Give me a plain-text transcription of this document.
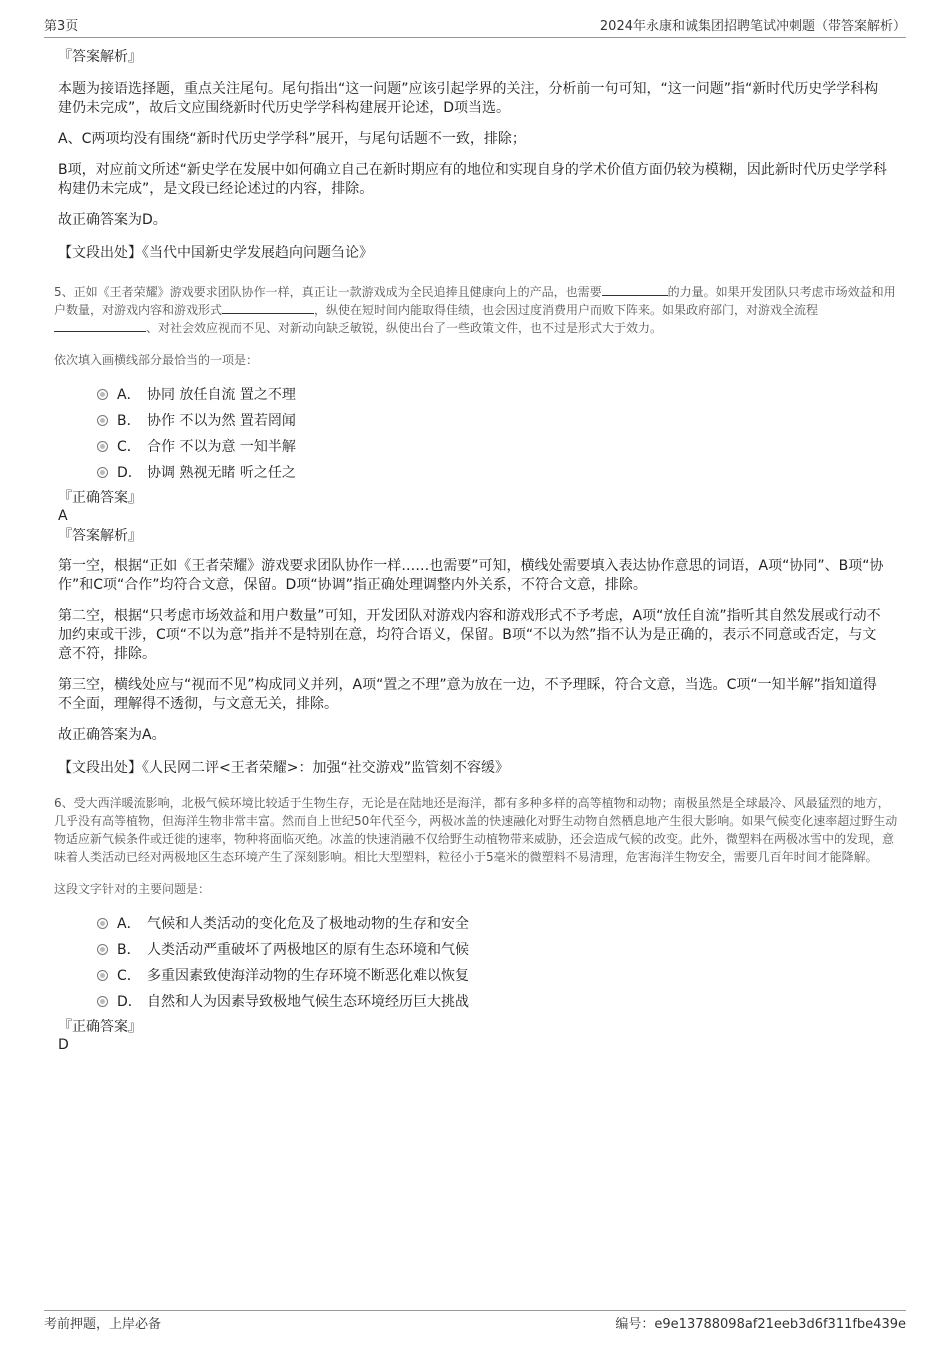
第3页	2024年永康和诚集团招聘笔试冲刺题（带答案解析）
『答案解析』

本题为接语选择题，重点关注尾句。尾句指出“这一问题”应该引起学界的关注，分析前一句可知，“这一问题”指“新时代历史学学科构建仍未完成”，故后文应围绕新时代历史学学科构建展开论述，D项当选。

A、C两项均没有围绕“新时代历史学学科”展开，与尾句话题不一致，排除；

B项，对应前文所述“新史学在发展中如何确立自己在新时期应有的地位和实现自身的学术价值方面仍较为模糊，因此新时代历史学学科构建仍未完成”，是文段已经论述过的内容，排除。

故正确答案为D。

【文段出处】《当代中国新史学发展趋向问题刍论》

5、正如《王者荣耀》游戏要求团队协作一样，真正让一款游戏成为全民追捧且健康向上的产品，也需要	的力量。如果开发团队只考虑市场效益和用户数量，对游戏内容和游戏形式	，纵使在短时间内能取得佳绩，也会因过度消费用户而败下阵来。如果政府部门，对游戏全流程、对社会效应视而不见、对新动向缺乏敏锐，纵使出台了一些政策文件，也不过是形式大于效力。

依次填入画横线部分最恰当的一项是：

A． 协同 放任自流 置之不理
B． 协作 不以为然 置若罔闻
C． 合作 不以为意 一知半解
D． 协调 熟视无睹 听之任之
『正确答案』
A
『答案解析』

第一空，根据“正如《王者荣耀》游戏要求团队协作一样……也需要”可知，横线处需要填入表达协作意思的词语，A项“协同”、B项“协作”和C项“合作”均符合文意，保留。D项“协调”指正确处理调整内外关系，不符合文意，排除。

第二空，根据“只考虑市场效益和用户数量”可知，开发团队对游戏内容和游戏形式不予考虑，A项“放任自流”指听其自然发展或行动不加约束或干涉，C项“不以为意”指并不是特别在意，均符合语义，保留。B项“不以为然”指不认为是正确的，表示不同意或否定，与文意不符，排除。

第三空，横线处应与“视而不见”构成同义并列，A项“置之不理”意为放在一边，不予理睬，符合文意，当选。C项“一知半解”指知道得不全面，理解得不透彻，与文意无关，排除。

故正确答案为A。

【文段出处】《人民网二评<王者荣耀>：加强“社交游戏”监管刻不容缓》

6、受大西洋暖流影响，北极气候环境比较适于生物生存，无论是在陆地还是海洋，都有多种多样的高等植物和动物；南极虽然是全球最冷、风最猛烈的地方，几乎没有高等植物，但海洋生物非常丰富。然而自上世纪50年代至今，两极冰盖的快速融化对野生动物自然栖息地产生很大影响。如果气候变化速率超过野生动物适应新气候条件或迁徙的速率，物种将面临灭绝。冰盖的快速消融不仅给野生动植物带来威胁，还会造成气候的改变。此外，微塑料在两极冰雪中的发现，意味着人类活动已经对两极地区生态环境产生了深刻影响。相比大型塑料，粒径小于5毫米的微塑料不易清理，危害海洋生物安全，需要几百年时间才能降解。

这段文字针对的主要问题是：

A． 气候和人类活动的变化危及了极地动物的生存和安全
B． 人类活动严重破坏了两极地区的原有生态环境和气候
C． 多重因素致使海洋动物的生存环境不断恶化难以恢复
D． 自然和人为因素导致极地气候生态环境经历巨大挑战
『正确答案』
D
考前押题，上岸必备	编号：e9e13788098af21eeb3d6f311fbe439e
